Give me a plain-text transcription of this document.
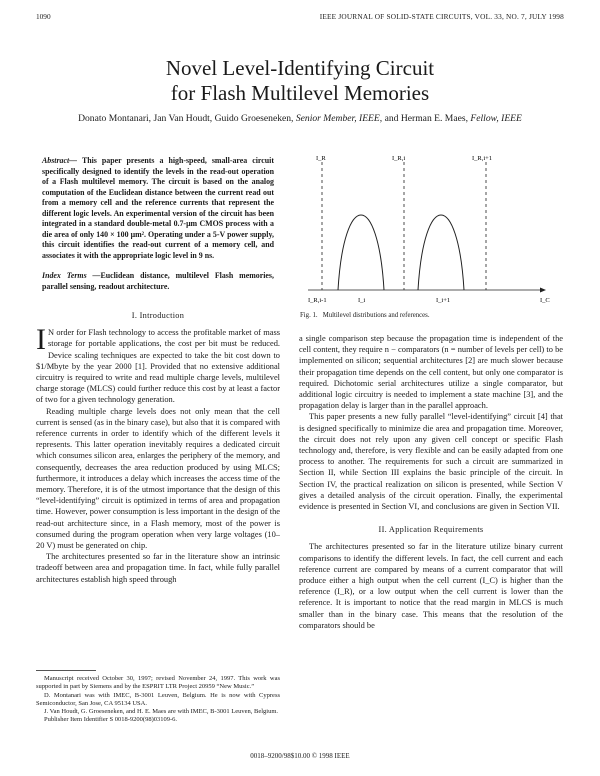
1090	IEEE JOURNAL OF SOLID-STATE CIRCUITS, VOL. 33, NO. 7, JULY 1998
Novel Level-Identifying Circuit
for Flash Multilevel Memories
Donato Montanari, Jan Van Houdt, Guido Groeseneken, Senior Member, IEEE, and Herman E. Maes, Fellow, IEEE
Abstract— This paper presents a high-speed, small-area circuit specifically designed to identify the levels in the read-out operation of a Flash multilevel memory. The circuit is based on the analog computation of the Euclidean distance between the current read out from a memory cell and the reference currents that represent the different logic levels. An experimental version of the circuit has been integrated in a standard double-metal 0.7-μm CMOS process with a die area of only 140 × 100 μm². Operating under a 5-V power supply, this circuit identifies the read-out current of a memory cell, and associates it with the appropriate logic level in 9 ns.
Index Terms —Euclidean distance, multilevel Flash memories, parallel sensing, readout architecture.
I. Introduction

I N order for Flash technology to access the profitable market of mass storage for portable applications, the cost per bit must be reduced. Device scaling techniques are expected to take the bit cost down to $1/Mbyte by the year 2000 [1]. Provided that no extensive additional circuitry is required to write and read multiple charge levels, multilevel charge storage (MLCS) could further reduce this cost by at least a factor of two for a given technology generation.

Reading multiple charge levels does not only mean that the cell current is sensed (as in the binary case), but also that it is compared with reference currents in order to identify which of the different levels it represents. This latter operation inevitably requires a dedicated circuit which consumes silicon area, enlarges the periphery of the memory, and consequently, decreases the area reduction produced by using MLCS; furthermore, it introduces a delay which increases the access time of the memory. Therefore, it is of the utmost importance that the design of this “level-identifying” circuit is optimized in terms of area and propagation time. However, power consumption is less important in the design of the read-out architecture since, in a Flash memory, most of the power is consumed during the program operation when very large voltages (10–20 V) must be generated on chip.

The architectures presented so far in the literature show an intrinsic tradeoff between area and propagation time. In fact, while fully parallel architectures establish high speed through

Manuscript received October 30, 1997; revised November 24, 1997. This work was supported in part by Siemens and by the ESPRIT LTR Project 20959 “New Music.”

D. Montanari was with IMEC, B-3001 Leuven, Belgium. He is now with Cypress Semiconductor, San Jose, CA 95134 USA.

J. Van Houdt, G. Groeseneken, and H. E. Maes are with IMEC, B-3001 Leuven, Belgium.

Publisher Item Identifier S 0018-9200(98)03109-6.

I_R	I_R,i	I_R,i+1
I_R,i-1	I_i	I_i+1	I_C
Fig. 1. Multilevel distributions and references.

a single comparison step because the propagation time is independent of the cell content, they require n − comparators (n = number of levels per cell) to be implemented on silicon; sequential architectures [2] are much slower because their propagation time depends on the cell content, but only one comparator is required. Dichotomic serial architectures utilize a single comparator, but additional logic circuitry is needed to implement a state machine [3], and the propagation delay is larger than in the parallel approach.

This paper presents a new fully parallel “level-identifying” circuit [4] that is designed specifically to minimize die area and propagation time. Moreover, the circuit does not rely upon any given cell concept or specific Flash technology and, therefore, is very flexible and can be easily adapted from one process to another. The requirements for such a circuit are summarized in Section II, while Section III explains the basic principle of the circuit. In Section IV, the practical realization on silicon is presented, while Section V gives a detailed analysis of the circuit operation. Finally, the experimental evidence is presented in Section VI, and conclusions are given in Section VII.

II. Application Requirements

The architectures presented so far in the literature utilize binary current comparisons to identify the different levels. In fact, the cell current and each reference current are compared by means of a current comparator that will produce either a high output when the cell current (I_C) is higher than the reference (I_R), or a low output when the cell current is lower than the reference. It is important to notice that the read margin in MLCS is much smaller than in the binary case. This means that the resolution of the comparators should be

0018–9200/98$10.00 © 1998 IEEE
